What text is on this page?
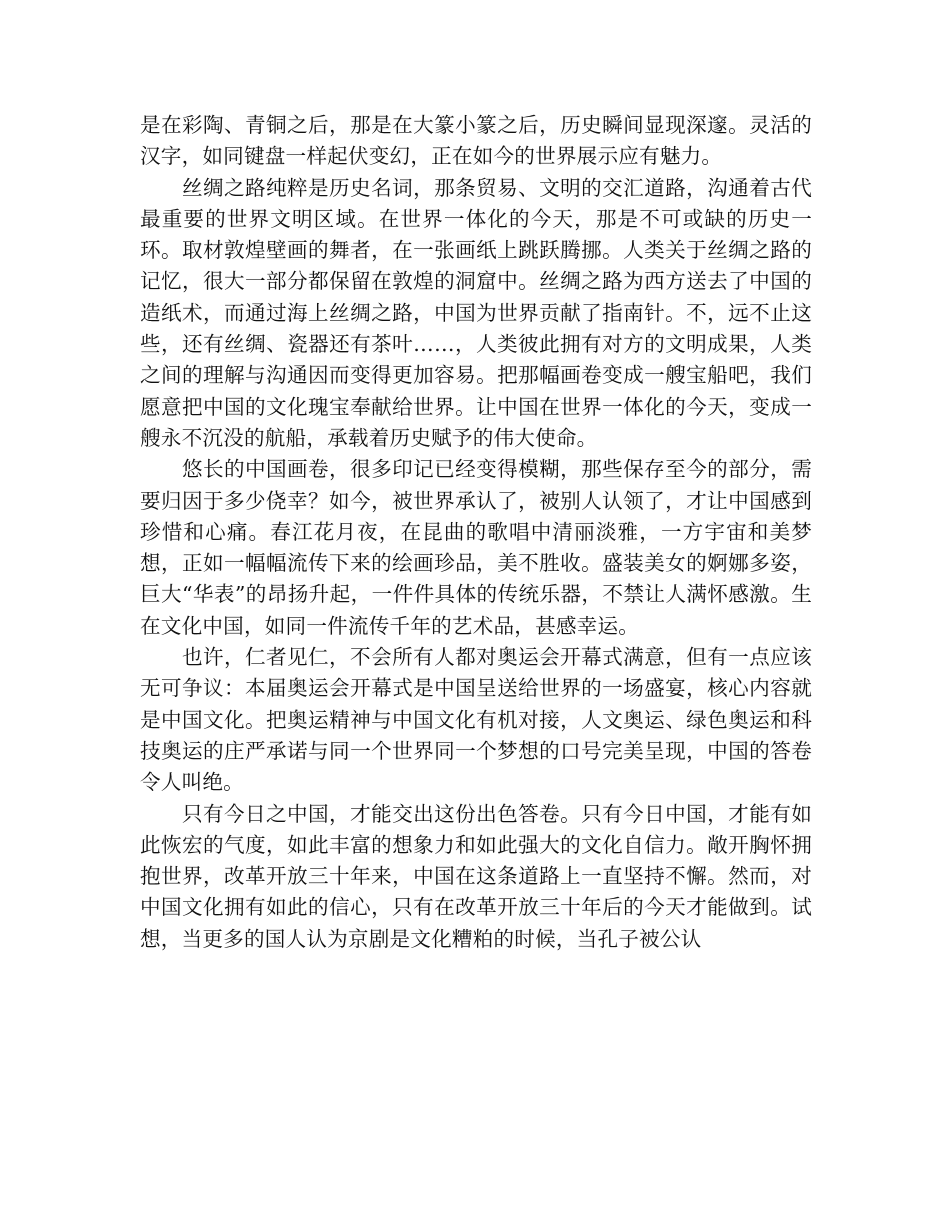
是在彩陶、青铜之后，那是在大篆小篆之后，历史瞬间显现深邃。灵活的汉字，如同键盘一样起伏变幻，正在如今的世界展示应有魅力。

丝绸之路纯粹是历史名词，那条贸易、文明的交汇道路，沟通着古代最重要的世界文明区域。在世界一体化的今天，那是不可或缺的历史一环。取材敦煌壁画的舞者，在一张画纸上跳跃腾挪。人类关于丝绸之路的记忆，很大一部分都保留在敦煌的洞窟中。丝绸之路为西方送去了中国的造纸术，而通过海上丝绸之路，中国为世界贡献了指南针。不，远不止这些，还有丝绸、瓷器还有茶叶……，人类彼此拥有对方的文明成果，人类之间的理解与沟通因而变得更加容易。把那幅画卷变成一艘宝船吧，我们愿意把中国的文化瑰宝奉献给世界。让中国在世界一体化的今天，变成一艘永不沉没的航船，承载着历史赋予的伟大使命。

悠长的中国画卷，很多印记已经变得模糊，那些保存至今的部分，需要归因于多少侥幸？如今，被世界承认了，被别人认领了，才让中国感到珍惜和心痛。春江花月夜，在昆曲的歌唱中清丽淡雅，一方宇宙和美梦想，正如一幅幅流传下来的绘画珍品，美不胜收。盛装美女的婀娜多姿，巨大“华表”的昂扬升起，一件件具体的传统乐器，不禁让人满怀感激。生在文化中国，如同一件流传千年的艺术品，甚感幸运。

也许，仁者见仁，不会所有人都对奥运会开幕式满意，但有一点应该无可争议：本届奥运会开幕式是中国呈送给世界的一场盛宴，核心内容就是中国文化。把奥运精神与中国文化有机对接，人文奥运、绿色奥运和科技奥运的庄严承诺与同一个世界同一个梦想的口号完美呈现，中国的答卷令人叫绝。

只有今日之中国，才能交出这份出色答卷。只有今日中国，才能有如此恢宏的气度，如此丰富的想象力和如此强大的文化自信力。敞开胸怀拥抱世界，改革开放三十年来，中国在这条道路上一直坚持不懈。然而，对中国文化拥有如此的信心，只有在改革开放三十年后的今天才能做到。试想，当更多的国人认为京剧是文化糟粕的时候，当孔子被公认
